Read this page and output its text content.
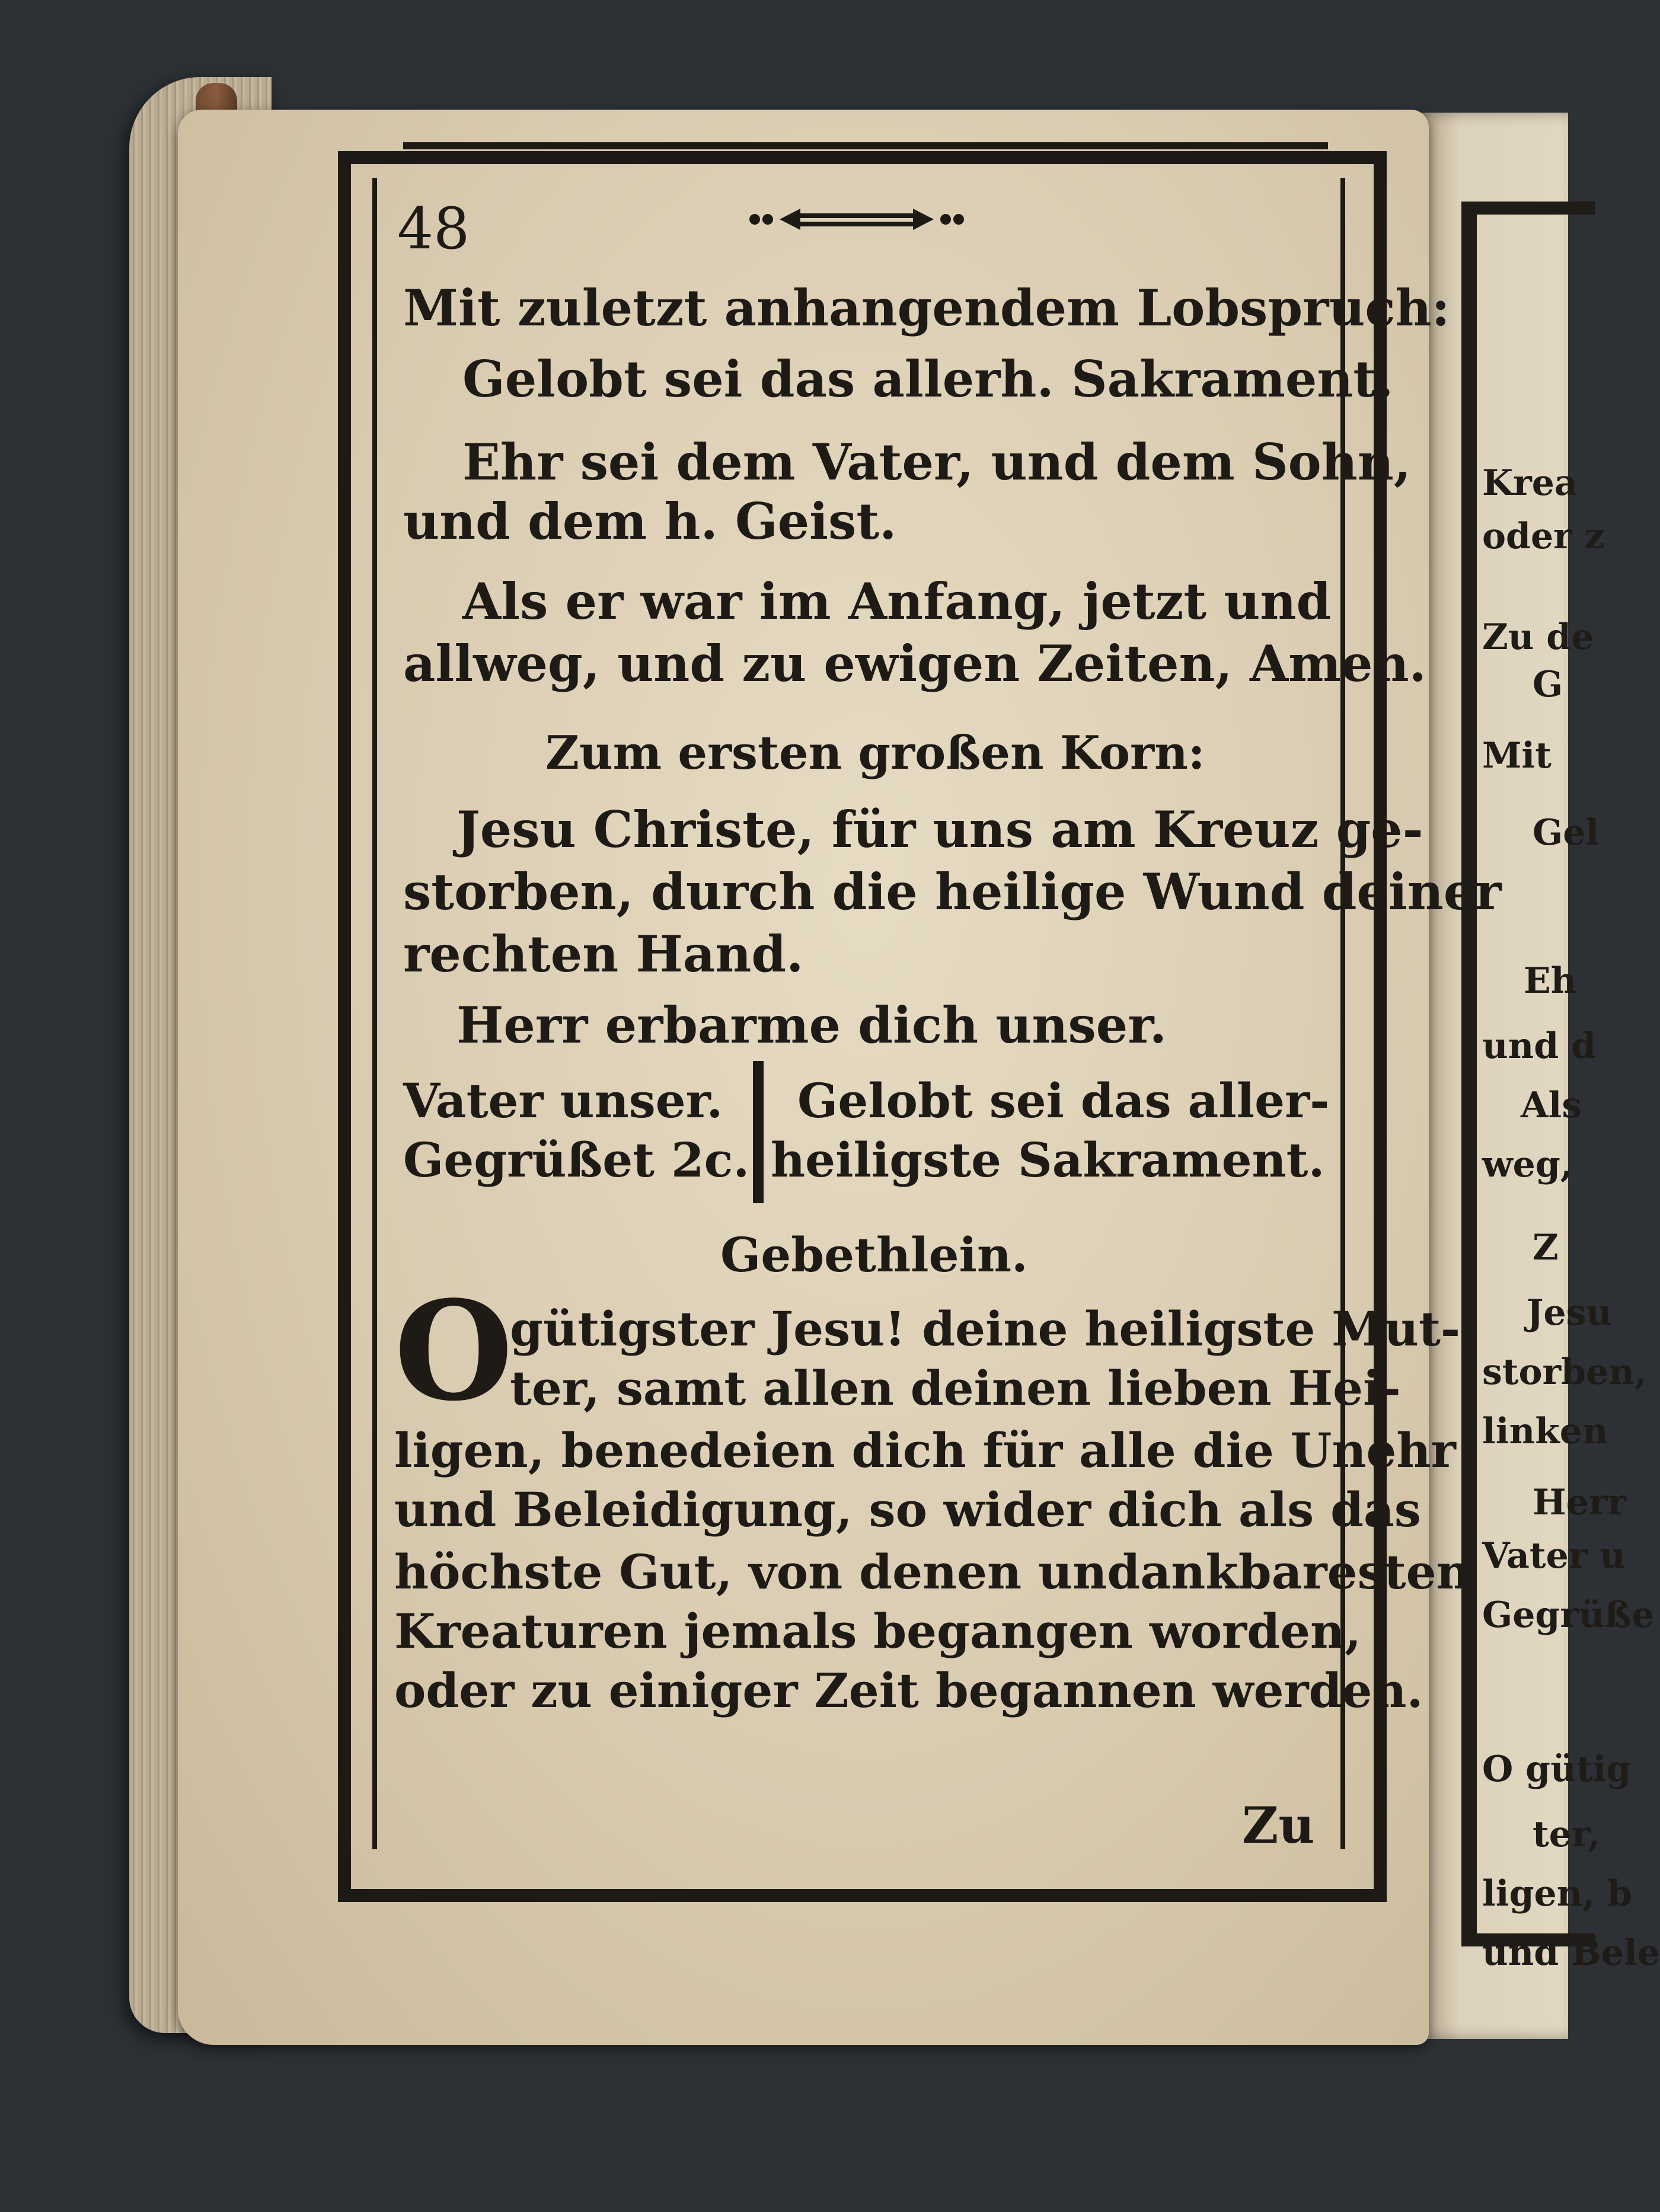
Krea
oder z
Zu de
G
Mit
Gel
Eh
und d
Als
weg,
Z
Jesu
storben,
linken
Herr
Vater u
Gegrüße
O gütig
ter,
ligen, b
und Bele
48
Mit zuletzt anhangendem Lobspruch:
Gelobt sei das allerh. Sakrament.
Ehr sei dem Vater, und dem Sohn,
und dem h. Geist.
Als er war im Anfang, jetzt und
allweg, und zu ewigen Zeiten, Amen.
Zum ersten großen Korn:
Jesu Christe, für uns am Kreuz ge-
storben, durch die heilige Wund deiner
rechten Hand.
Herr erbarme dich unser.
Vater unser.
Gegrüßet 2c.
Gelobt sei das aller-
heiligste Sakrament.
Gebethlein.
O
gütigster Jesu! deine heiligste Mut-
ter, samt allen deinen lieben Hei-
ligen, benedeien dich für alle die Unehr
und Beleidigung, so wider dich als das
höchste Gut, von denen undankbaresten
Kreaturen jemals begangen worden,
oder zu einiger Zeit begannen werden.
Zu
